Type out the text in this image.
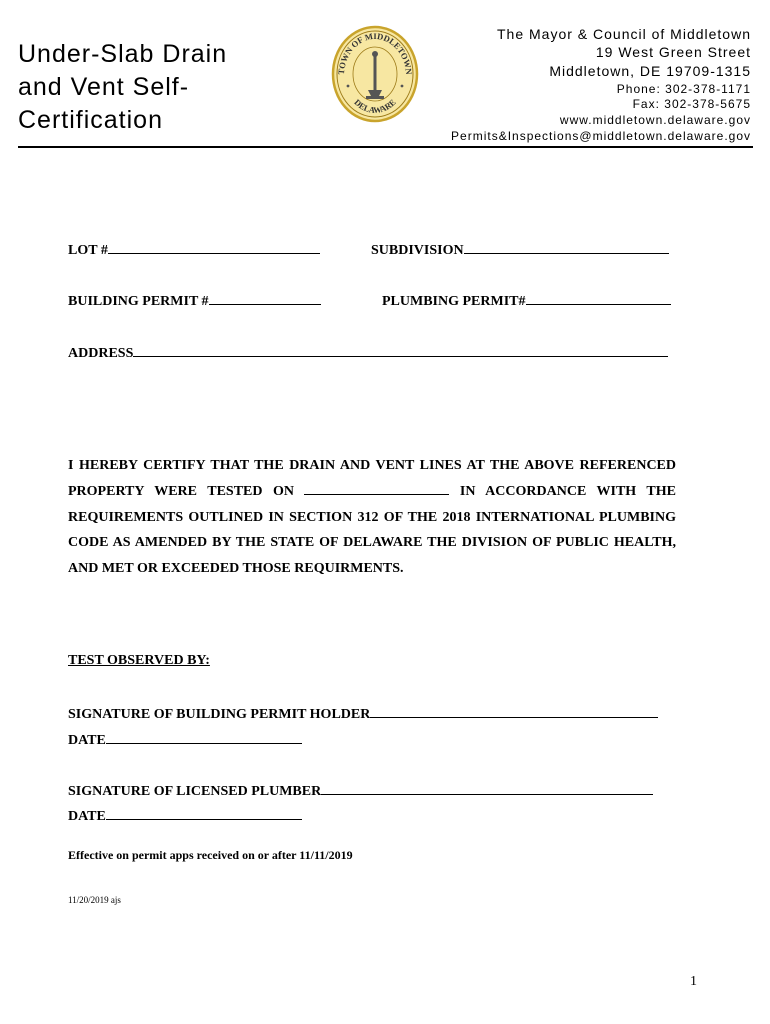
Under-Slab Drain and Vent Self-Certification
TOWN OF MIDDLETOWN
DELAWARE
The Mayor & Council of Middletown
19 West Green Street
Middletown, DE 19709-1315
Phone: 302-378-1171
Fax: 302-378-5675
www.middletown.delaware.gov
Permits&Inspections@middletown.delaware.gov
LOT #	SUBDIVISION
BUILDING PERMIT #	PLUMBING PERMIT#
ADDRESS
I HEREBY CERTIFY THAT THE DRAIN AND VENT LINES AT THE ABOVE REFERENCED PROPERTY WERE TESTED ON	IN ACCORDANCE WITH THE REQUIREMENTS OUTLINED IN SECTION 312 OF THE 2018 INTERNATIONAL PLUMBING CODE AS AMENDED BY THE STATE OF DELAWARE THE DIVISION OF PUBLIC HEALTH, AND MET OR EXCEEDED THOSE REQUIRMENTS.
TEST OBSERVED BY:
SIGNATURE OF BUILDING PERMIT HOLDER
DATE
SIGNATURE OF LICENSED PLUMBER
DATE
Effective on permit apps received on or after 11/11/2019
11/20/2019 ajs
1
